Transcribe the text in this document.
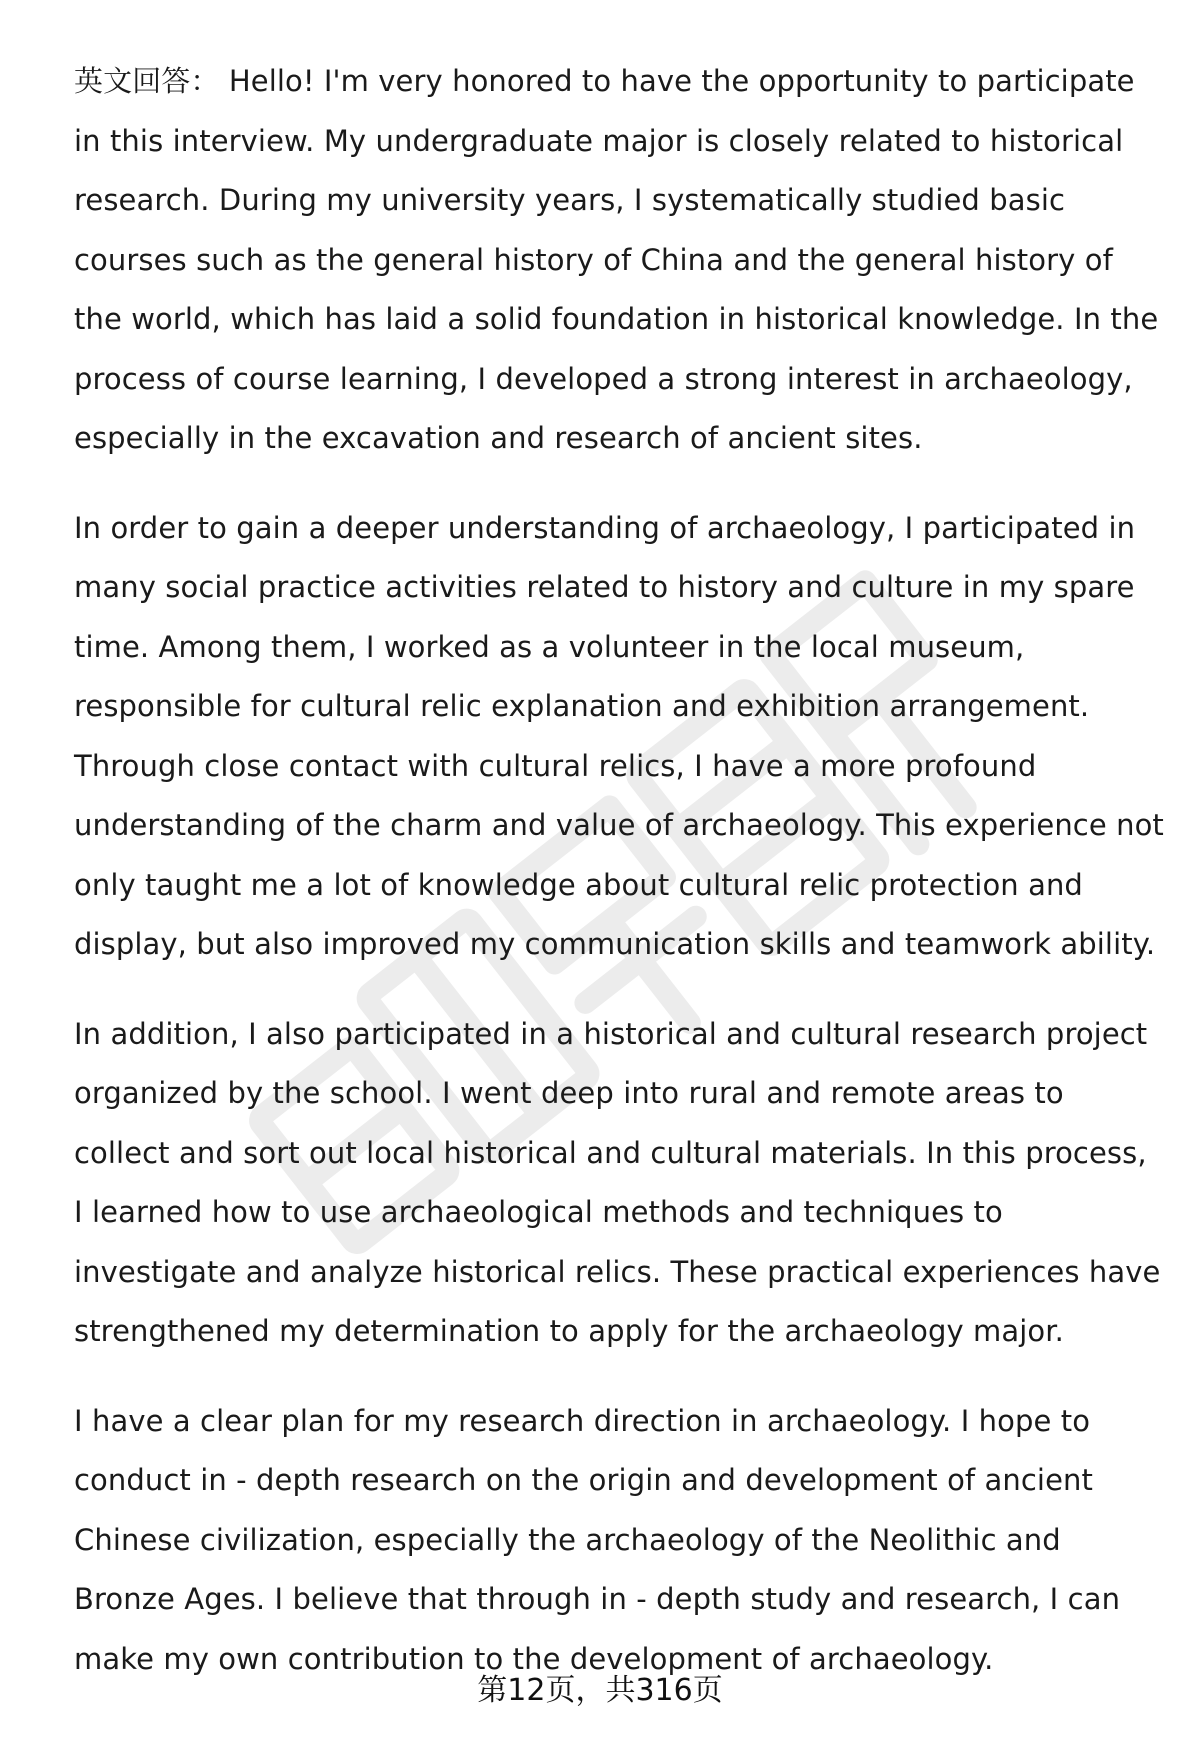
英文回答： Hello! I'm very honored to have the opportunity to participate in this interview. My undergraduate major is closely related to historical research. During my university years, I systematically studied basic courses such as the general history of China and the general history of the world, which has laid a solid foundation in historical knowledge. In the process of course learning, I developed a strong interest in archaeology, especially in the excavation and research of ancient sites.

In order to gain a deeper understanding of archaeology, I participated in many social practice activities related to history and culture in my spare time. Among them, I worked as a volunteer in the local museum, responsible for cultural relic explanation and exhibition arrangement. Through close contact with cultural relics, I have a more profound understanding of the charm and value of archaeology. This experience not only taught me a lot of knowledge about cultural relic protection and display, but also improved my communication skills and teamwork ability.

In addition, I also participated in a historical and cultural research project organized by the school. I went deep into rural and remote areas to collect and sort out local historical and cultural materials. In this process, I learned how to use archaeological methods and techniques to investigate and analyze historical relics. These practical experiences have strengthened my determination to apply for the archaeology major.

I have a clear plan for my research direction in archaeology. I hope to conduct in - depth research on the origin and development of ancient Chinese civilization, especially the archaeology of the Neolithic and Bronze Ages. I believe that through in - depth study and research, I can make my own contribution to the development of archaeology.

第12页，共316页
